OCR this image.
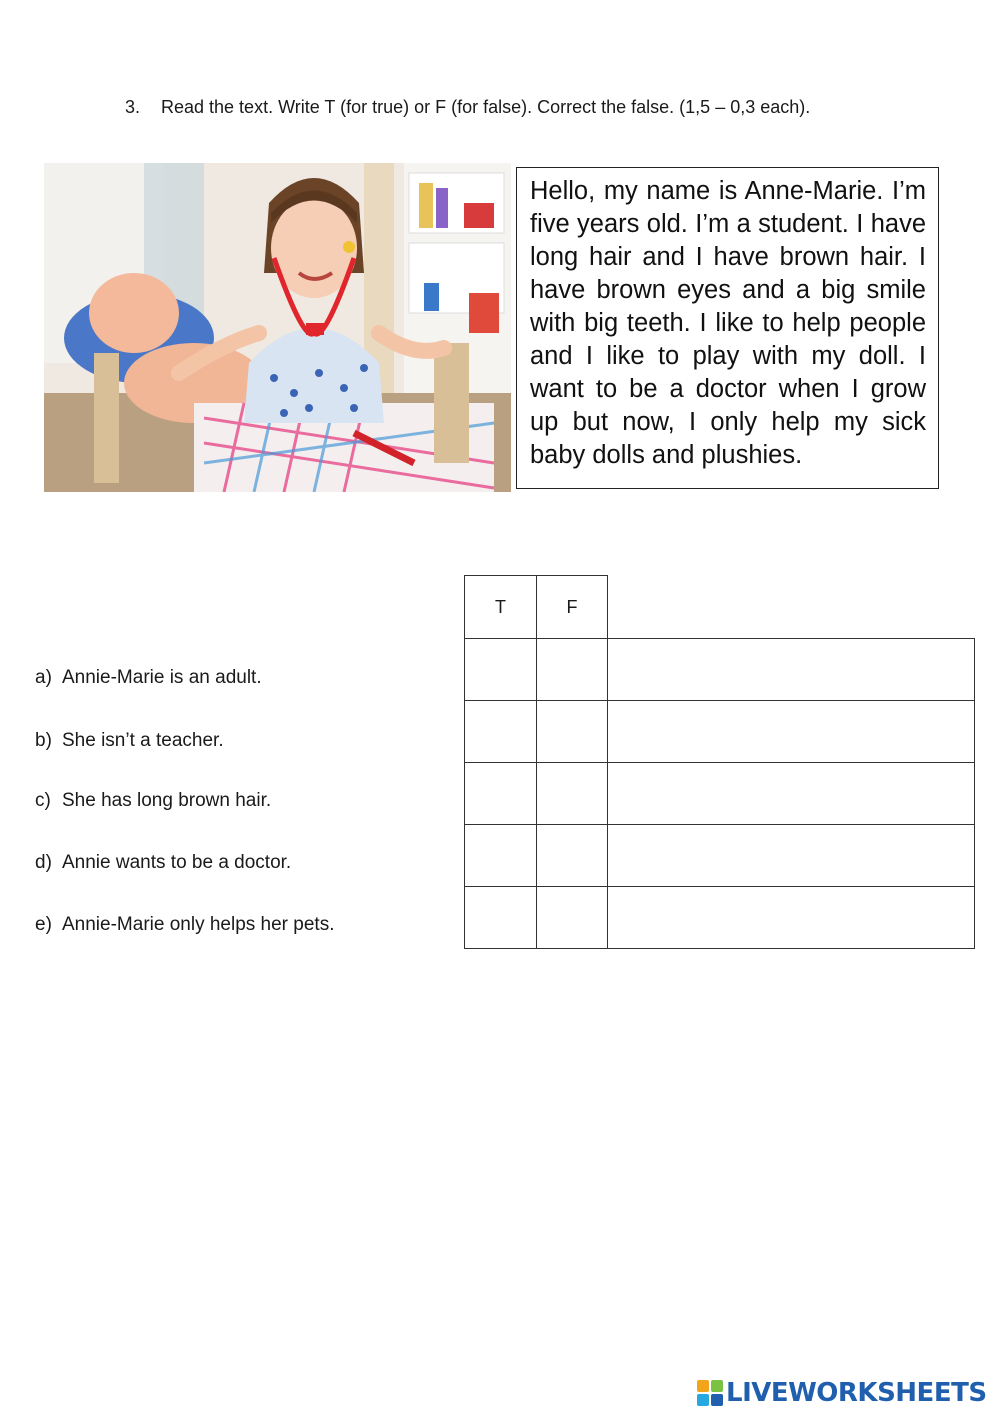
3. Read the text. Write T (for true) or F (for false). Correct the false. (1,5 – 0,3 each).

Hello, my name is Anne-Marie. I’m five years old. I’m a student. I have long hair and I have brown hair. I have brown eyes and a big smile with big teeth. I like to help people and I like to play with my doll. I want to be a doctor when I grow up but now, I only help my sick baby dolls and plushies.

T	F	

a) Annie-Marie is an adult.
b) She isn’t a teacher.
c) She has long brown hair.
d) Annie wants to be a doctor.
e) Annie-Marie only helps her pets.
LIVEWORKSHEETS
